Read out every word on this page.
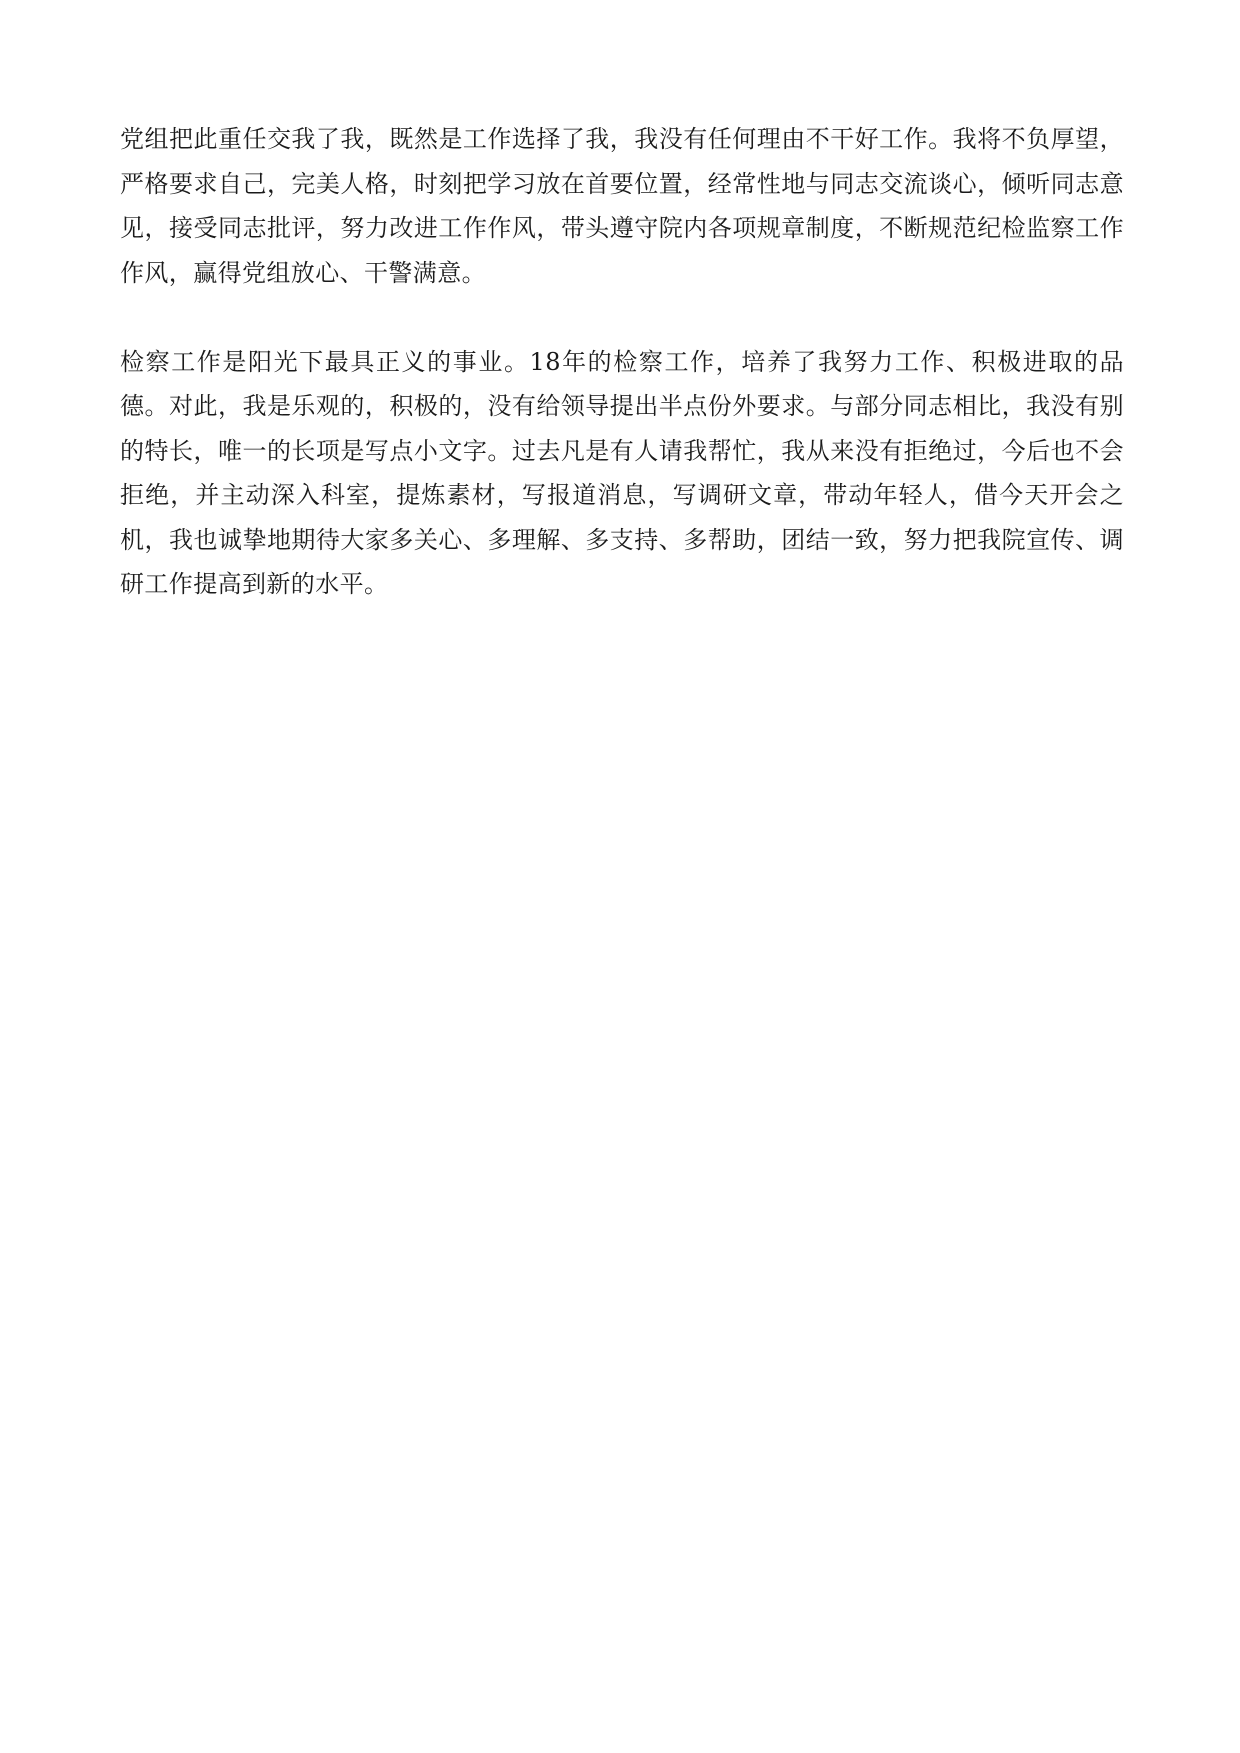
党组把此重任交我了我，既然是工作选择了我，我没有任何理由不干好工作。我将不负厚望，严格要求自己，完美人格，时刻把学习放在首要位置，经常性地与同志交流谈心，倾听同志意见，接受同志批评，努力改进工作作风，带头遵守院内各项规章制度，不断规范纪检监察工作作风，赢得党组放心、干警满意。

检察工作是阳光下最具正义的事业。18年的检察工作，培养了我努力工作、积极进取的品德。对此，我是乐观的，积极的，没有给领导提出半点份外要求。与部分同志相比，我没有别的特长，唯一的长项是写点小文字。过去凡是有人请我帮忙，我从来没有拒绝过，今后也不会拒绝，并主动深入科室，提炼素材，写报道消息，写调研文章，带动年轻人，借今天开会之机，我也诚挚地期待大家多关心、多理解、多支持、多帮助，团结一致，努力把我院宣传、调研工作提高到新的水平。
